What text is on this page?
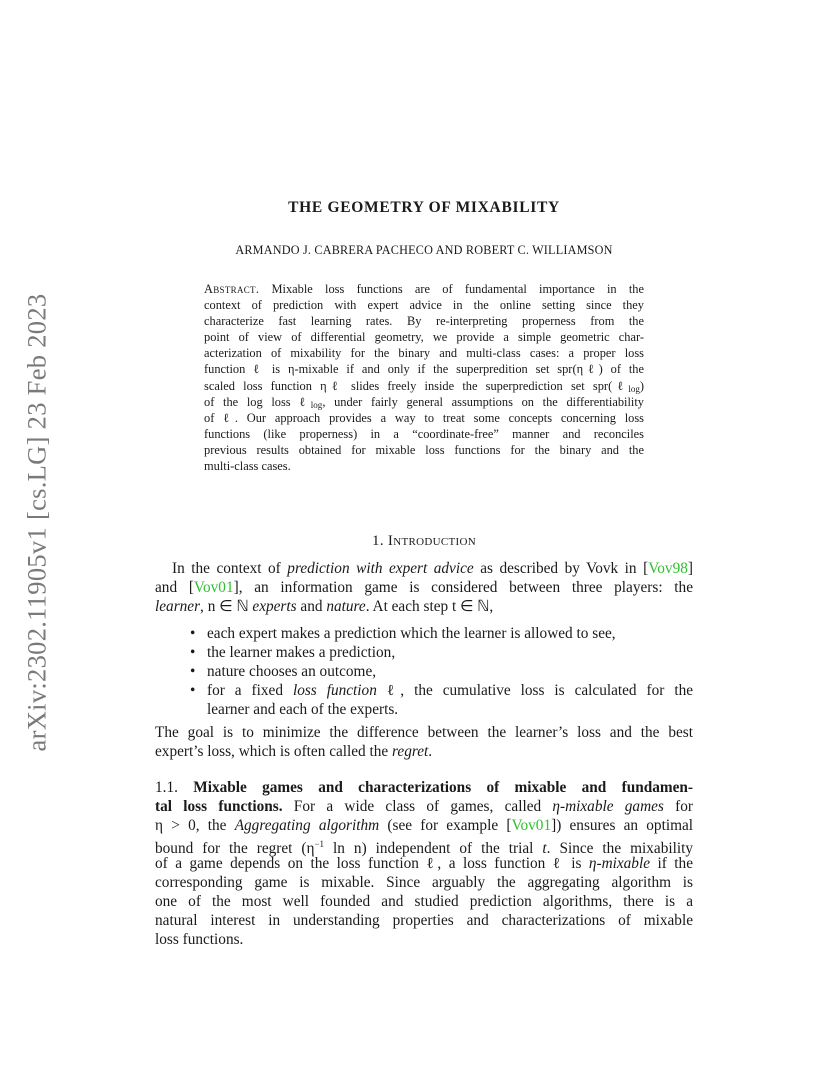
arXiv:2302.11905v1 [cs.LG] 23 Feb 2023
THE GEOMETRY OF MIXABILITY
ARMANDO J. CABRERA PACHECO AND ROBERT C. WILLIAMSON
Abstract. Mixable loss functions are of fundamental importance in the
context of prediction with expert advice in the online setting since they
characterize fast learning rates. By re-interpreting properness from the
point of view of differential geometry, we provide a simple geometric char-
acterization of mixability for the binary and multi-class cases: a proper loss
function ℓ is η-mixable if and only if the superpredition set spr(ηℓ) of the
scaled loss function ηℓ slides freely inside the superprediction set spr(ℓ$_{log}$)
of the log loss ℓ$_{log}$, under fairly general assumptions on the differentiability
of ℓ. Our approach provides a way to treat some concepts concerning loss
functions (like properness) in a “coordinate-free” manner and reconciles
previous results obtained for mixable loss functions for the binary and the
multi-class cases.
1. Introduction
In the context of prediction with expert advice as described by Vovk in [Vov98]
and [Vov01], an information game is considered between three players: the
learner, n ∈ ℕ experts and nature. At each step t ∈ ℕ,
• each expert makes a prediction which the learner is allowed to see,
• the learner makes a prediction,
• nature chooses an outcome,
• for a fixed loss function ℓ, the cumulative loss is calculated for the
learner and each of the experts.
The goal is to minimize the difference between the learner’s loss and the best
expert’s loss, which is often called the regret.
1.1. Mixable games and characterizations of mixable and fundamen-
tal loss functions. For a wide class of games, called η-mixable games for
η > 0, the Aggregating algorithm (see for example [Vov01]) ensures an optimal
bound for the regret ($\eta^{-1}$ ln n) independent of the trial t. Since the mixability
of a game depends on the loss function ℓ, a loss function ℓ is η-mixable if the
corresponding game is mixable. Since arguably the aggregating algorithm is
one of the most well founded and studied prediction algorithms, there is a
natural interest in understanding properties and characterizations of mixable
loss functions.
